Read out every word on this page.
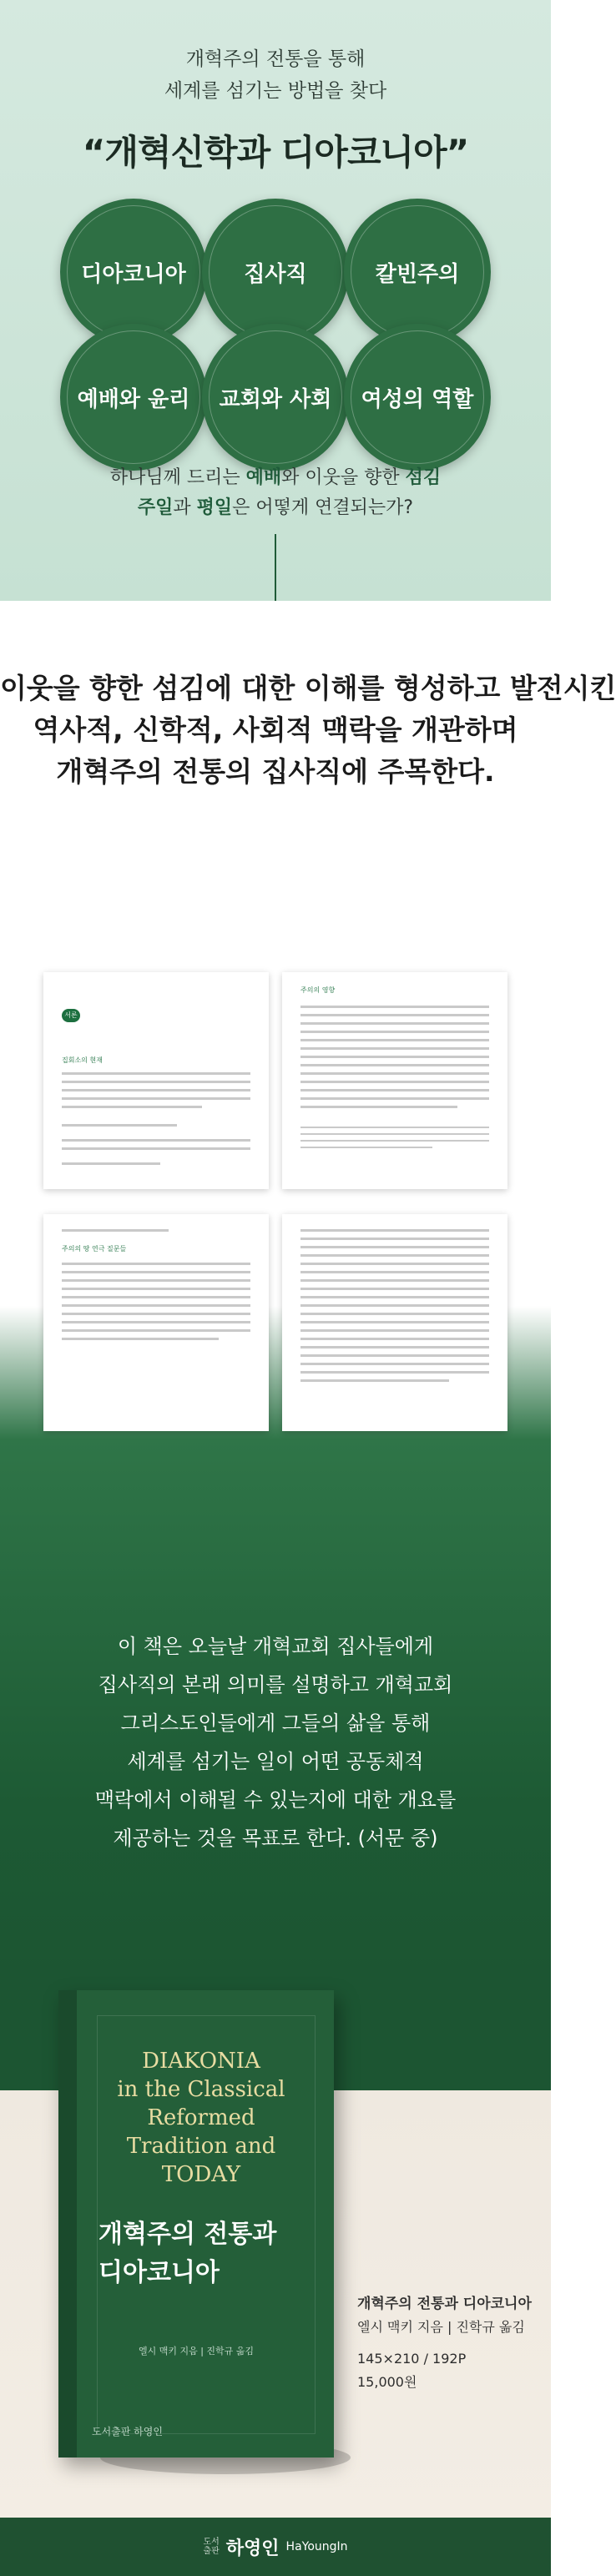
개혁주의 전통을 통해
세계를 섬기는 방법을 찾다
“개혁신학과 디아코니아”
디아코니아	집사직	칼빈주의
예배와 윤리 교회와 사회 여성의 역할
하나님께 드리는 예배와 이웃을 향한 섬김
주일과 평일은 어떻게 연결되는가?
이웃을 향한 섬김에 대한 이해를 형성하고 발전시킨
역사적, 신학적, 사회적 맥락을 개관하며
개혁주의 전통의 집사직에 주목한다.
서론
집회소의 현재
주의의 영향
주의의 땅 연극 질문들
이 책은 오늘날 개혁교회 집사들에게
집사직의 본래 의미를 설명하고 개혁교회
그리스도인들에게 그들의 삶을 통해
세계를 섬기는 일이 어떤 공동체적
맥락에서 이해될 수 있는지에 대한 개요를
제공하는 것을 목표로 한다. (서문 중)
DIAKONIA
in the Classical Reformed
Tradition and TODAY
개혁주의 전통과
디아코니아
엘시 맥키 지음 | 진학규 옮김
도서출판 하영인
개혁주의 전통과 디아코니아
엘시 맥키 지음 | 진학규 옮김
145×210 / 192P
15,000원
도서
출판 하영인 HaYoungIn
